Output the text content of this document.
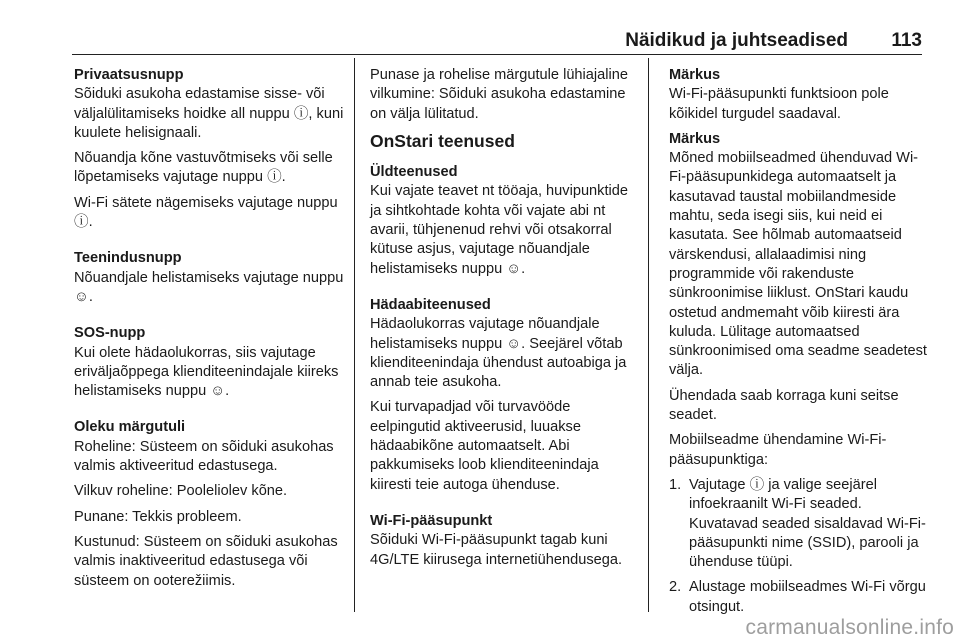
Näidikud ja juhtseadised 113
Privaatsusnupp
Sõiduki asukoha edastamise sisse- või väljalülitamiseks hoidke all nuppu ⓘ, kuni kuulete helisignaali.
Nõuandja kõne vastuvõtmiseks või selle lõpetamiseks vajutage nuppu ⓘ.
Wi-Fi sätete nägemiseks vajutage nuppu ⓘ.
Teenindusnupp
Nõuandjale helistamiseks vajutage nuppu ☺.
SOS-nupp
Kui olete hädaolukorras, siis vajutage eriväljaõppega klienditeenindajale kiireks helistamiseks nuppu ☺.
Oleku märgutuli
Roheline: Süsteem on sõiduki asukohas valmis aktiveeritud edastusega.
Vilkuv roheline: Pooleliolev kõne.
Punane: Tekkis probleem.
Kustunud: Süsteem on sõiduki asukohas valmis inaktiveeritud edastusega või süsteem on ooterežiimis.
Punase ja rohelise märgutule lühiajaline vilkumine: Sõiduki asukoha edastamine on välja lülitatud.
OnStari teenused
Üldteenused
Kui vajate teavet nt tööaja, huvipunktide ja sihtkohtade kohta või vajate abi nt avarii, tühjenenud rehvi või otsakorral kütuse asjus, vajutage nõuandjale helistamiseks nuppu ☺.
Hädaabiteenused
Hädaolukorras vajutage nõuandjale helistamiseks nuppu ☺. Seejärel võtab klienditeenindaja ühendust autoabiga ja annab teie asukoha.
Kui turvapadjad või turvavööde eelpingutid aktiveerusid, luuakse hädaabikõne automaatselt. Abi pakkumiseks loob klienditeenindaja kiiresti teie autoga ühenduse.
Wi-Fi-pääsupunkt
Sõiduki Wi-Fi-pääsupunkt tagab kuni 4G/LTE kiirusega internetiühendusega.
Märkus
Wi-Fi-pääsupunkti funktsioon pole kõikidel turgudel saadaval.
Märkus
Mõned mobiilseadmed ühenduvad Wi-Fi-pääsupunkidega automaatselt ja kasutavad taustal mobiilandmeside mahtu, seda isegi siis, kui neid ei kasutata. See hõlmab automaatseid värskendusi, allalaadimisi ning programmide või rakenduste sünkroonimise liiklust. OnStari kaudu ostetud andmemaht võib kiiresti ära kuluda. Lülitage automaatsed sünkroonimised oma seadme seadetest välja.
Ühendada saab korraga kuni seitse seadet.
Mobiilseadme ühendamine Wi-Fi-pääsupunktiga:
1. Vajutage ⓘ ja valige seejärel infoekraanilt Wi-Fi seaded. Kuvatavad seaded sisaldavad Wi-Fi-pääsupunkti nime (SSID), parooli ja ühenduse tüüpi.
2. Alustage mobiilseadmes Wi-Fi võrgu otsingut.
carmanualsonline.info
